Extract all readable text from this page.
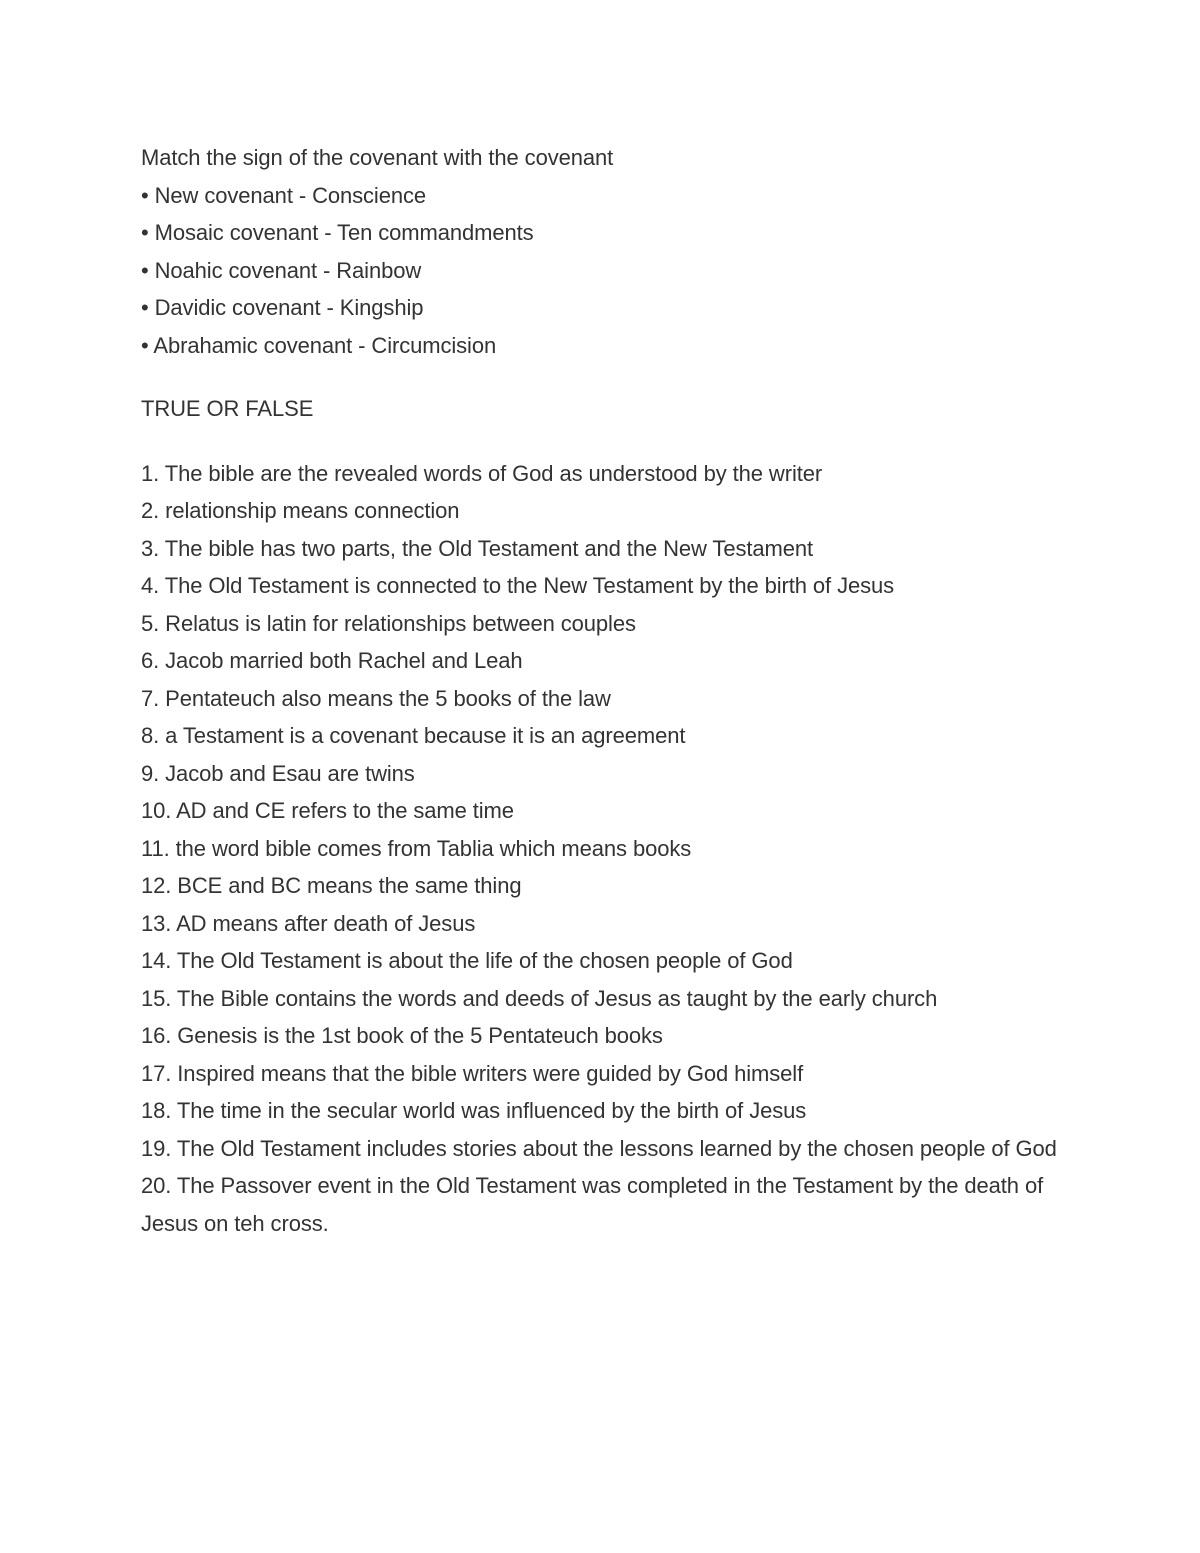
Match the sign of the covenant with the covenant

• New covenant - Conscience

• Mosaic covenant - Ten commandments

• Noahic covenant - Rainbow

• Davidic covenant - Kingship

• Abrahamic covenant - Circumcision

TRUE OR FALSE

1. The bible are the revealed words of God as understood by the writer

2. relationship means connection

3. The bible has two parts, the Old Testament and the New Testament

4. The Old Testament is connected to the New Testament by the birth of Jesus

5. Relatus is latin for relationships between couples

6. Jacob married both Rachel and Leah

7. Pentateuch also means the 5 books of the law

8. a Testament is a covenant because it is an agreement

9. Jacob and Esau are twins

10. AD and CE refers to the same time

11. the word bible comes from Tablia which means books

12. BCE and BC means the same thing

13. AD means after death of Jesus

14. The Old Testament is about the life of the chosen people of God

15. The Bible contains the words and deeds of Jesus as taught by the early church

16. Genesis is the 1st book of the 5 Pentateuch books

17. Inspired means that the bible writers were guided by God himself

18. The time in the secular world was influenced by the birth of Jesus

19. The Old Testament includes stories about the lessons learned by the chosen people of God

20. The Passover event in the Old Testament was completed in the Testament by the death of Jesus on teh cross.
